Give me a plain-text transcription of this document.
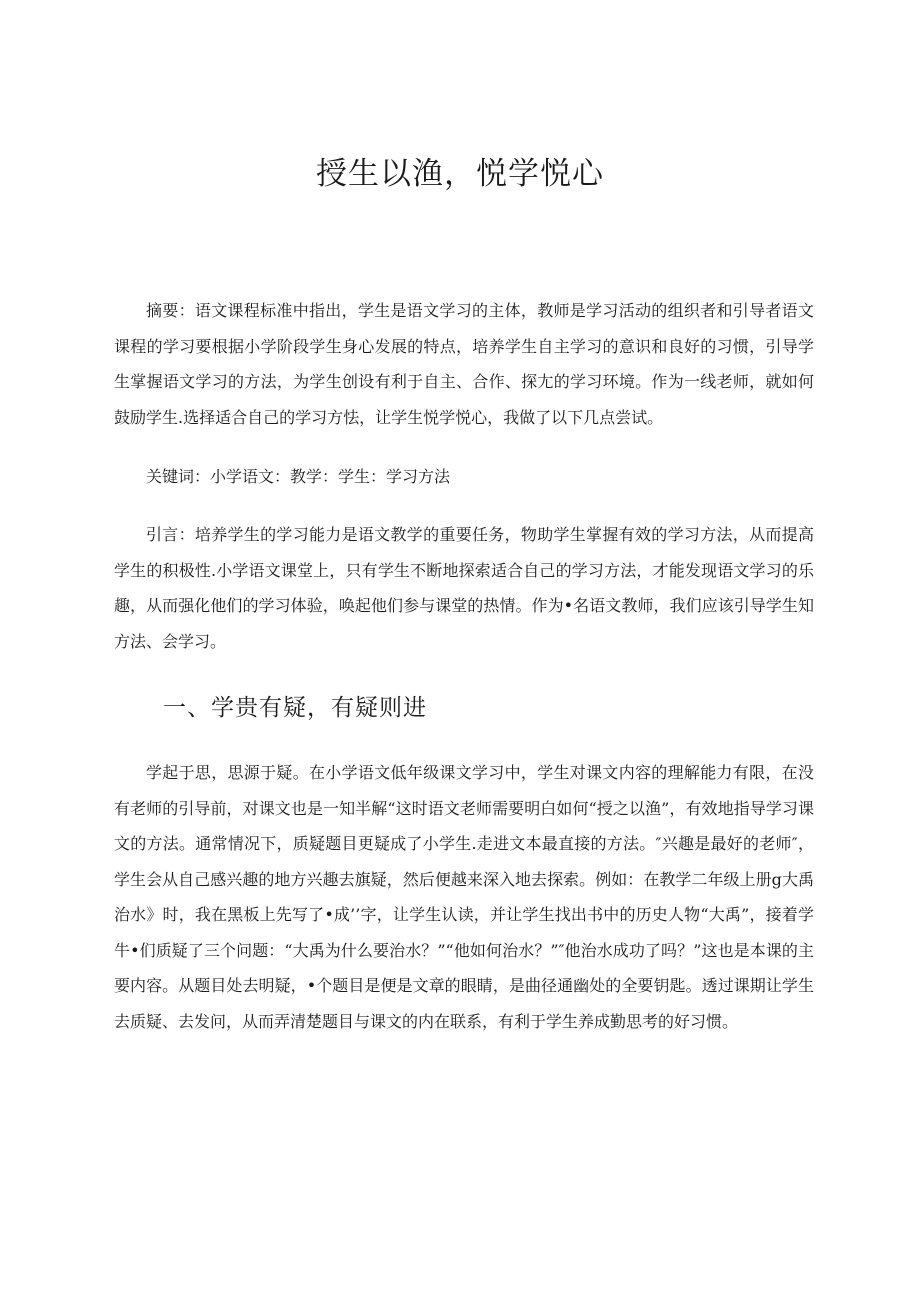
授生以渔，悦学悦心

摘要：语文课程标准中指出，学生是语文学习的主体，教师是学习活动的组织者和引导者语文课程的学习要根据小学阶段学生身心发展的特点，培养学生自主学习的意识和良好的习惯，引导学生掌握语文学习的方法，为学生创设有利于自主、合作、探尢的学习环境。作为一线老师，就如何鼓励学生.选择适合自己的学习方怯，让学生悦学悦心，我做了以下几点尝试。

关键词：小学语文：教学：学生：学习方法

引言：培养学生的学习能力是语文教学的重要任务，物助学生掌握有效的学习方法，从而提高学生的积极性.小学语文课堂上，只有学生不断地探索适合自己的学习方法，才能发现语文学习的乐趣，从而强化他们的学习体验，唤起他们参与课堂的热情。作为•名语文教师，我们应该引导学生知方法、会学习。

一、学贵有疑，有疑则进

学起于思，思源于疑。在小学语文低年级课文学习中，学生对课文内容的理解能力有限，在没有老师的引导前，对课文也是一知半解“这时语文老师需要明白如何“授之以渔”，有效地指导学习课文的方法。通常情况下，质疑题目更疑成了小学生.走进文本最直接的方法。″兴趣是最好的老师″，学生会从自己感兴趣的地方兴趣去旗疑，然后便越来深入地去探索。例如：在教学二年级上册g大禹治水》时，我在黑板上先写了•成’’字，让学生认读，并让学生找出书中的历史人物“大禹”，接着学牛•们质疑了三个问题：“大禹为什么要治水？”“他如何治水？”″他治水成功了吗？”这也是本课的主要内容。从题目处去明疑，•个题目是便是文章的眼睛，是曲径通幽处的全要钥匙。透过课期让学生去质疑、去发问，从而弄清楚题目与课文的内在联系，有利于学生养成勤思考的好习惯。
